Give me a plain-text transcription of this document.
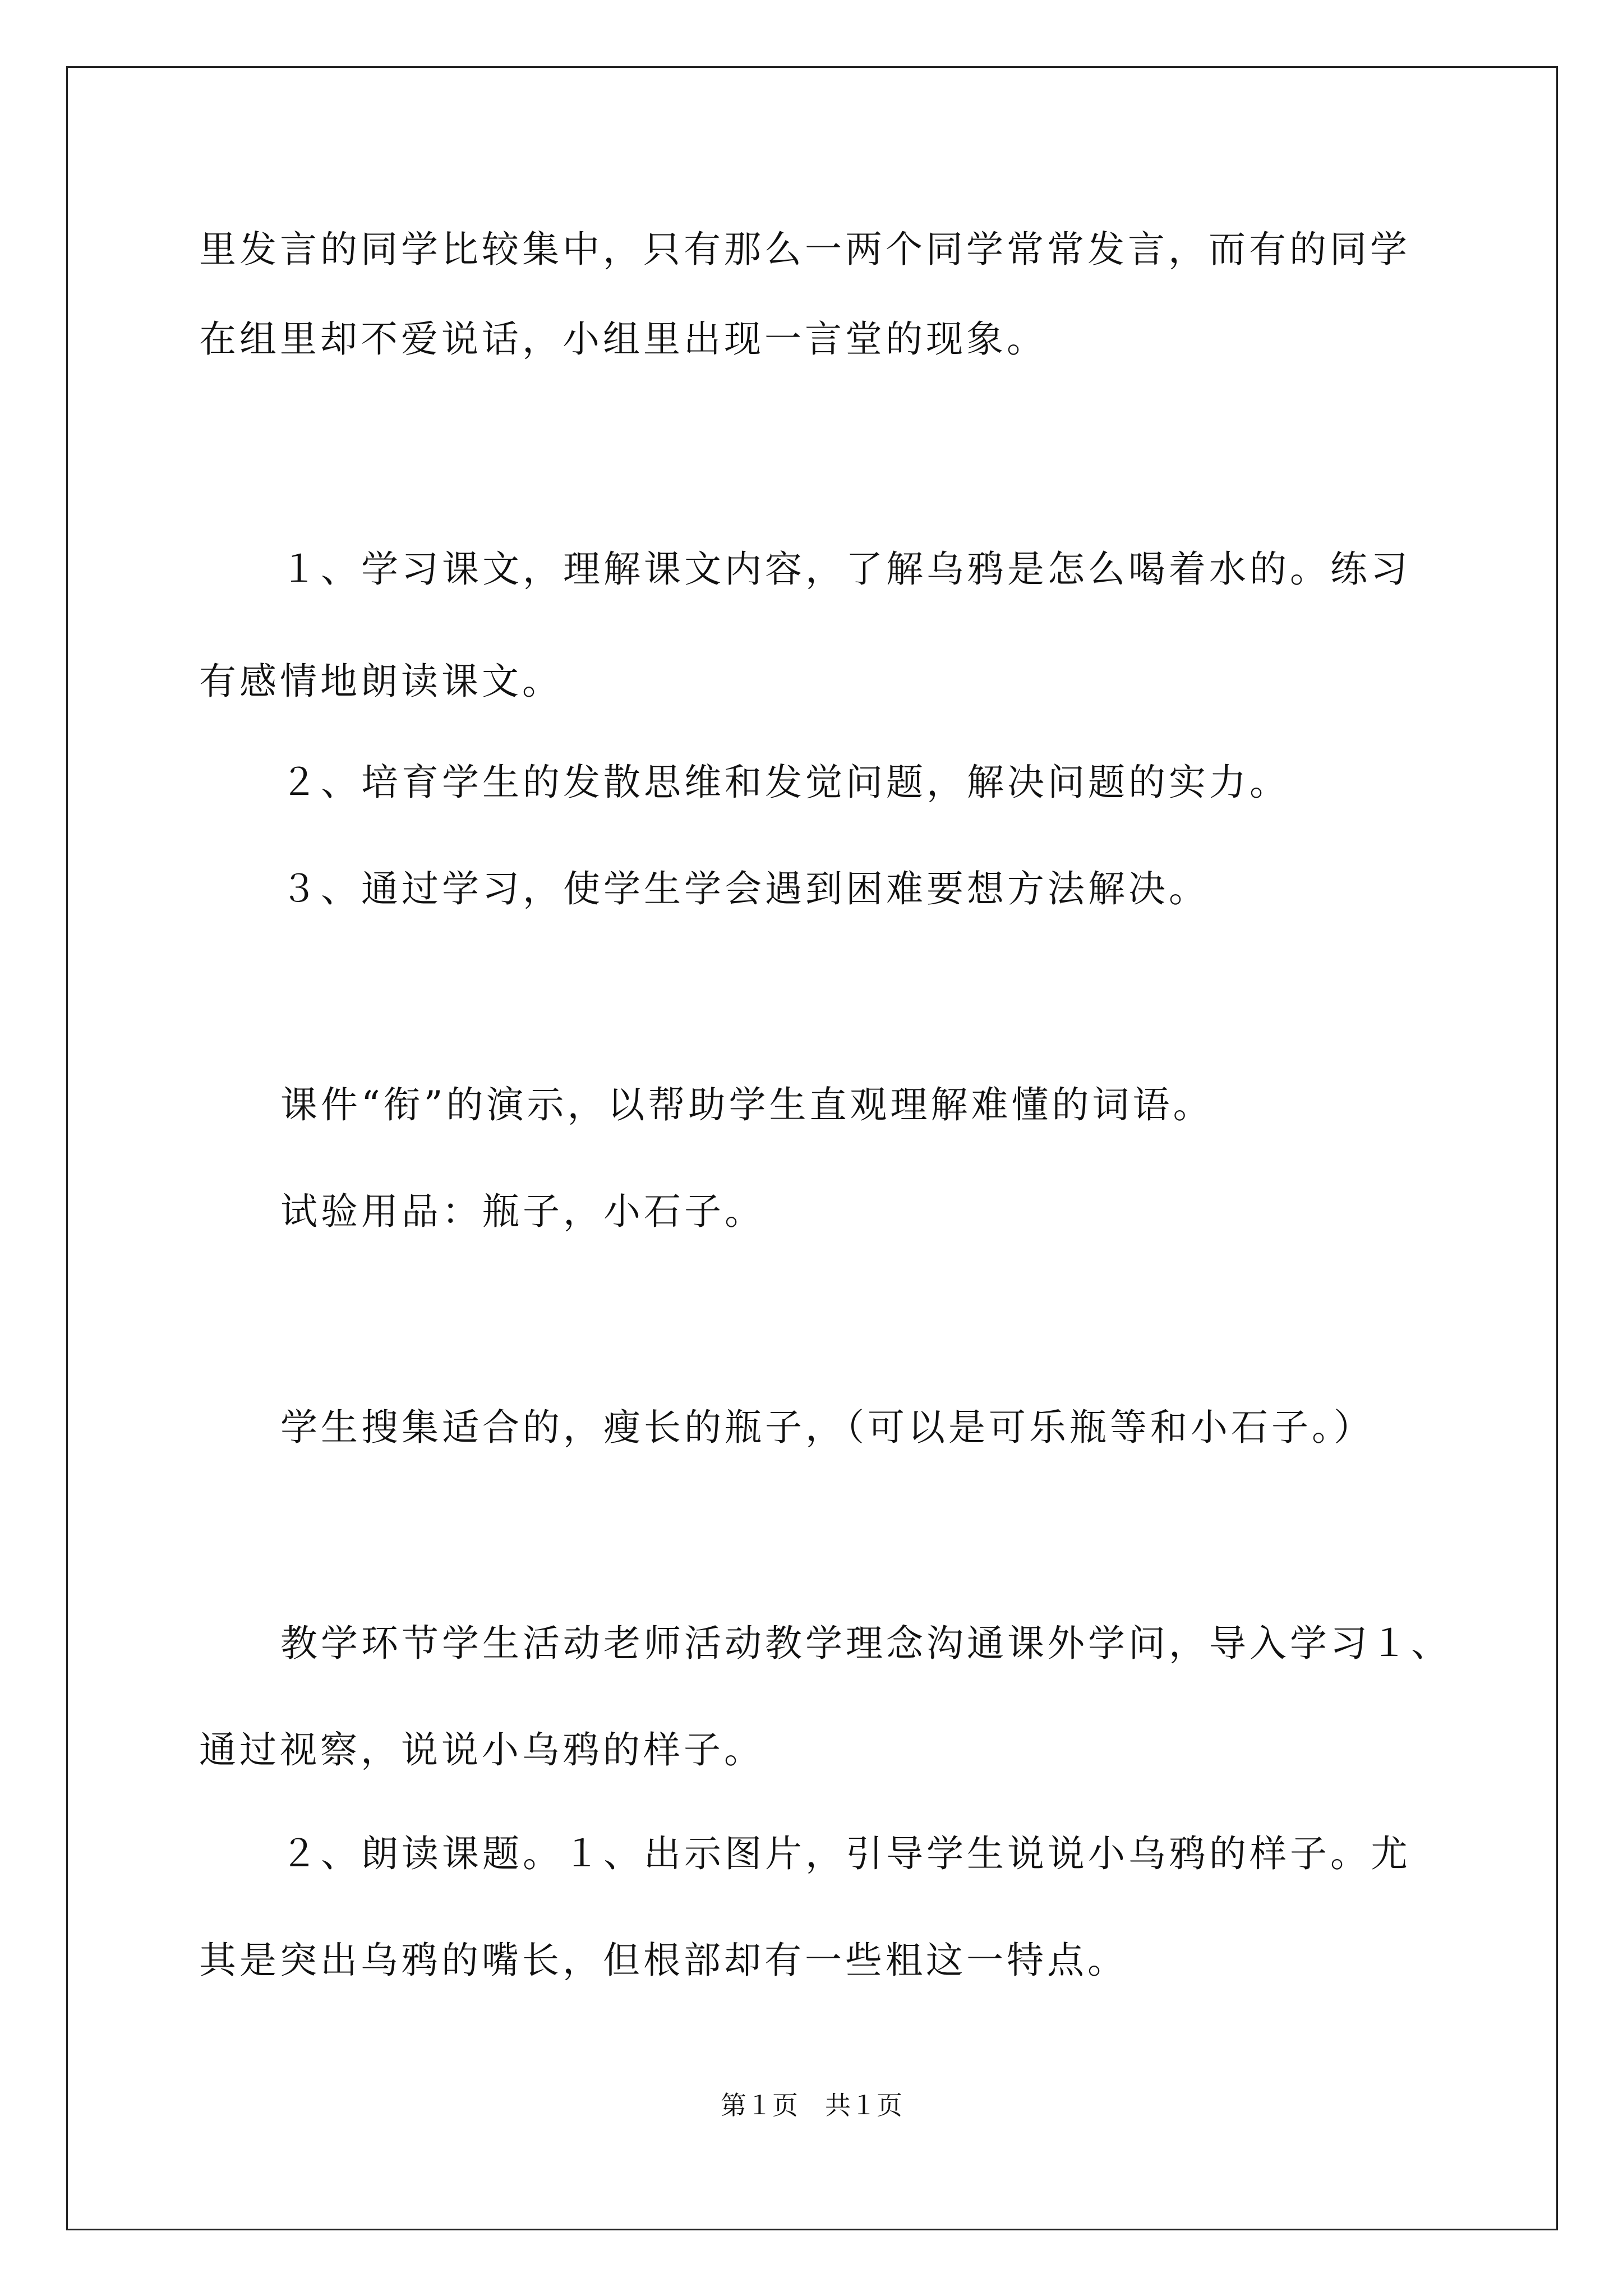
里发言的同学比较集中，只有那么一两个同学常常发言，而有的同学
在组里却不爱说话，小组里出现一言堂的现象。
１、学习课文，理解课文内容，了解乌鸦是怎么喝着水的。练习
有感情地朗读课文。
２、培育学生的发散思维和发觉问题，解决问题的实力。
３、通过学习，使学生学会遇到困难要想方法解决。
课件“衔”的演示，以帮助学生直观理解难懂的词语。
试验用品：瓶子，小石子。
学生搜集适合的，瘦长的瓶子，（可以是可乐瓶等和小石子。）
教学环节学生活动老师活动教学理念沟通课外学问，导入学习１、
通过视察，说说小乌鸦的样子。
２、朗读课题。１、出示图片，引导学生说说小乌鸦的样子。尤
其是突出乌鸦的嘴长，但根部却有一些粗这一特点。
第１页 共１页
